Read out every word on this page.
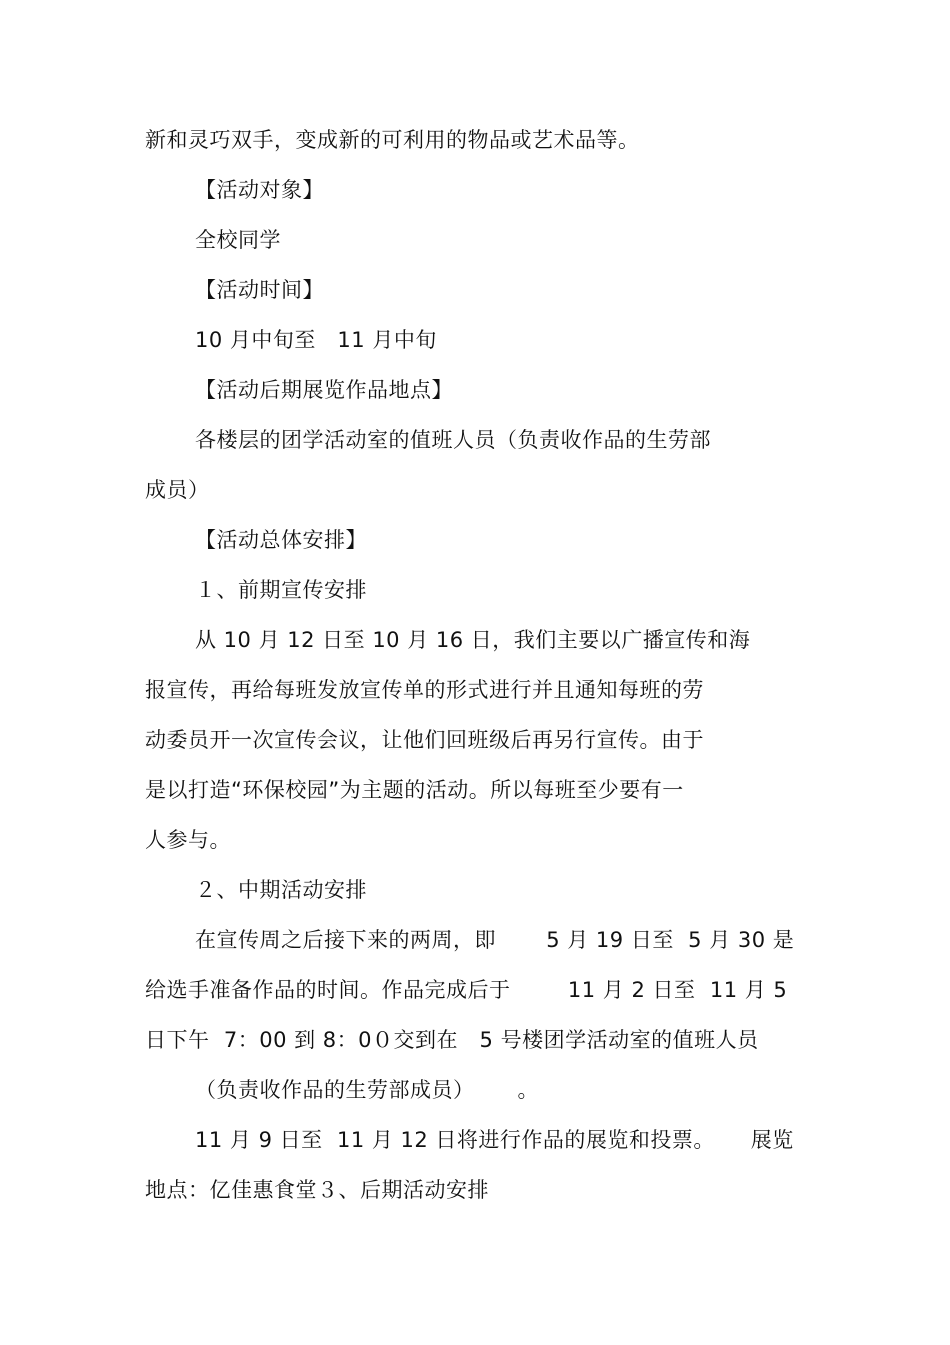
新和灵巧双手，变成新的可利用的物品或艺术品等。
【活动对象】
全校同学
【活动时间】
10 月中旬至   11 月中旬
【活动后期展览作品地点】
各楼层的团学活动室的值班人员（负责收作品的生劳部
成员）
【活动总体安排】
１、前期宣传安排
从 10 月 12 日至 10 月 16 日，我们主要以广播宣传和海
报宣传，再给每班发放宣传单的形式进行并且通知每班的劳
动委员开一次宣传会议，让他们回班级后再另行宣传。由于
是以打造“环保校园”为主题的活动。所以每班至少要有一
人参与。
２、中期活动安排
在宣传周之后接下来的两周，即       5 月 19 日至  5 月 30 是
给选手准备作品的时间。作品完成后于        11 月 2 日至  11 月 5
日下午  7：00 到 8：0０交到在   5 号楼团学活动室的值班人员
（负责收作品的生劳部成员）      。
11 月 9 日至  11 月 12 日将进行作品的展览和投票。     展览
地点：亿佳惠食堂３、后期活动安排
